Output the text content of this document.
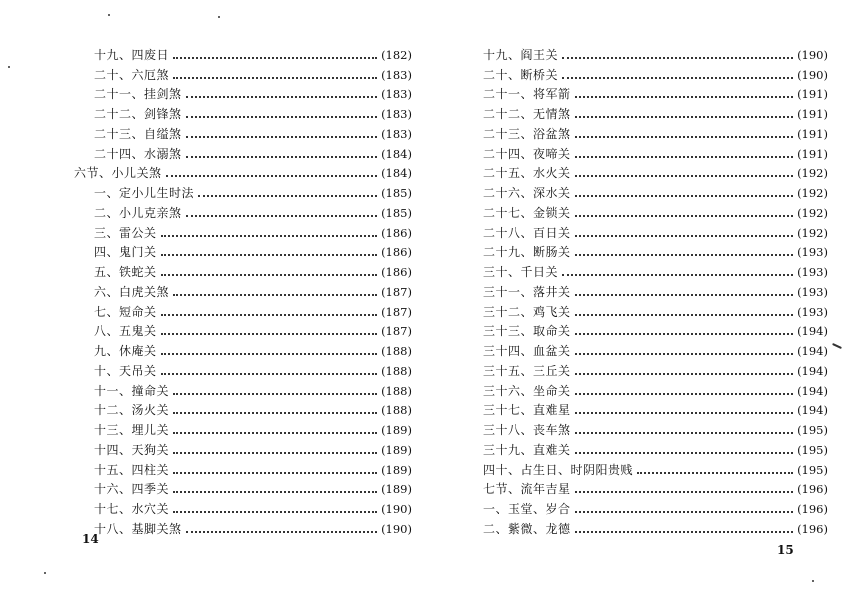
十九、四废日	(182)
二十、六厄煞	(183)
二十一、挂剑煞	(183)
二十二、剑锋煞	(183)
二十三、自缢煞	(183)
二十四、水溺煞	(184)
六节、小儿关煞	(184)
一、定小儿生时法	(185)
二、小儿克亲煞	(185)
三、雷公关	(186)
四、鬼门关	(186)
五、铁蛇关	(186)
六、白虎关煞	(187)
七、短命关	(187)
八、五鬼关	(187)
九、休庵关	(188)
十、天吊关	(188)
十一、撞命关	(188)
十二、汤火关	(188)
十三、埋儿关	(189)
十四、天狗关	(189)
十五、四柱关	(189)
十六、四季关	(189)
十七、水穴关	(190)
十八、基脚关煞	(190)
14
十九、阎王关	(190)
二十、断桥关	(190)
二十一、将军箭	(191)
二十二、无情煞	(191)
二十三、浴盆煞	(191)
二十四、夜啼关	(191)
二十五、水火关	(192)
二十六、深水关	(192)
二十七、金锁关	(192)
二十八、百日关	(192)
二十九、断肠关	(193)
三十、千日关	(193)
三十一、落井关	(193)
三十二、鸡飞关	(193)
三十三、取命关	(194)
三十四、血盆关	(194)
三十五、三丘关	(194)
三十六、坐命关	(194)
三十七、直难星	(194)
三十八、丧车煞	(195)
三十九、直难关	(195)
四十、占生日、时阴阳贵贱	(195)
七节、流年吉星	(196)
一、玉堂、岁合	(196)
二、紫微、龙德	(196)
15
